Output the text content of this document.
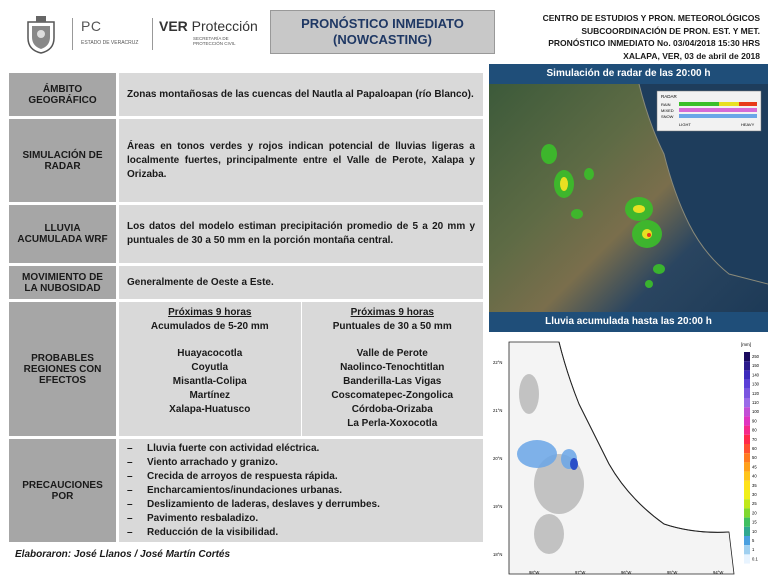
PC
ESTADO DE VERACRUZ
VER Protección
SECRETARÍA DE
PROTECCIÓN CIVIL
PRONÓSTICO INMEDIATO
(NOWCASTING)
CENTRO DE ESTUDIOS Y PRON. METEOROLÓGICOS
SUBCOORDINACIÓN DE PRON. EST. Y MET.
PRONÓSTICO INMEDIATO No. 03/04/2018 15:30 HRS
XALAPA, VER, 03 de abril de 2018
ÁMBITO GEOGRÁFICO
Zonas montañosas de las cuencas del Nautla al Papaloapan (río Blanco).
SIMULACIÓN DE RADAR
Áreas en tonos verdes y rojos indican potencial de lluvias ligeras a localmente fuertes, principalmente entre el Valle de Perote, Xalapa y Orizaba.
LLUVIA ACUMULADA WRF
Los datos del modelo estiman precipitación promedio de 5 a 20 mm y puntuales de 30 a 50 mm en la porción montaña central.
MOVIMIENTO DE LA NUBOSIDAD
Generalmente de Oeste a Este.
PROBABLES REGIONES CON EFECTOS
Próximas 9 horas
Acumulados de 5-20 mm
Huayacocotla
Coyutla
Misantla-Colipa
Martínez
Xalapa-Huatusco
Próximas 9 horas
Puntuales de 30 a 50 mm
Valle de Perote
Naolinco-Tenochtitlan
Banderilla-Las Vigas
Coscomatepec-Zongolica
Córdoba-Orizaba
La Perla-Xoxocotla
PRECAUCIONES POR
– Lluvia fuerte con actividad eléctrica.
– Viento arrachado y granizo.
– Crecida de arroyos de respuesta rápida.
– Encharcamientos/inundaciones urbanas.
– Deslizamiento de laderas, deslaves y derrumbes.
– Pavimento resbaladizo.
– Reducción de la visibilidad.
Elaboraron: José Llanos / José Martín Cortés
Simulación de radar de las 20:00 h
RADAR
RAIN
MIXED
SNOW
LIGHT	HEAVY
Lluvia acumulada hasta las 20:00 h
250
150
140
130
120
110
100
90
80
70
60
50
45
40
35
30
25
20
15
10
5
1
0.1
[mm]
22°N
21°N
20°N
19°N
18°N
98°W	97°W	96°W	95°W	94°W
